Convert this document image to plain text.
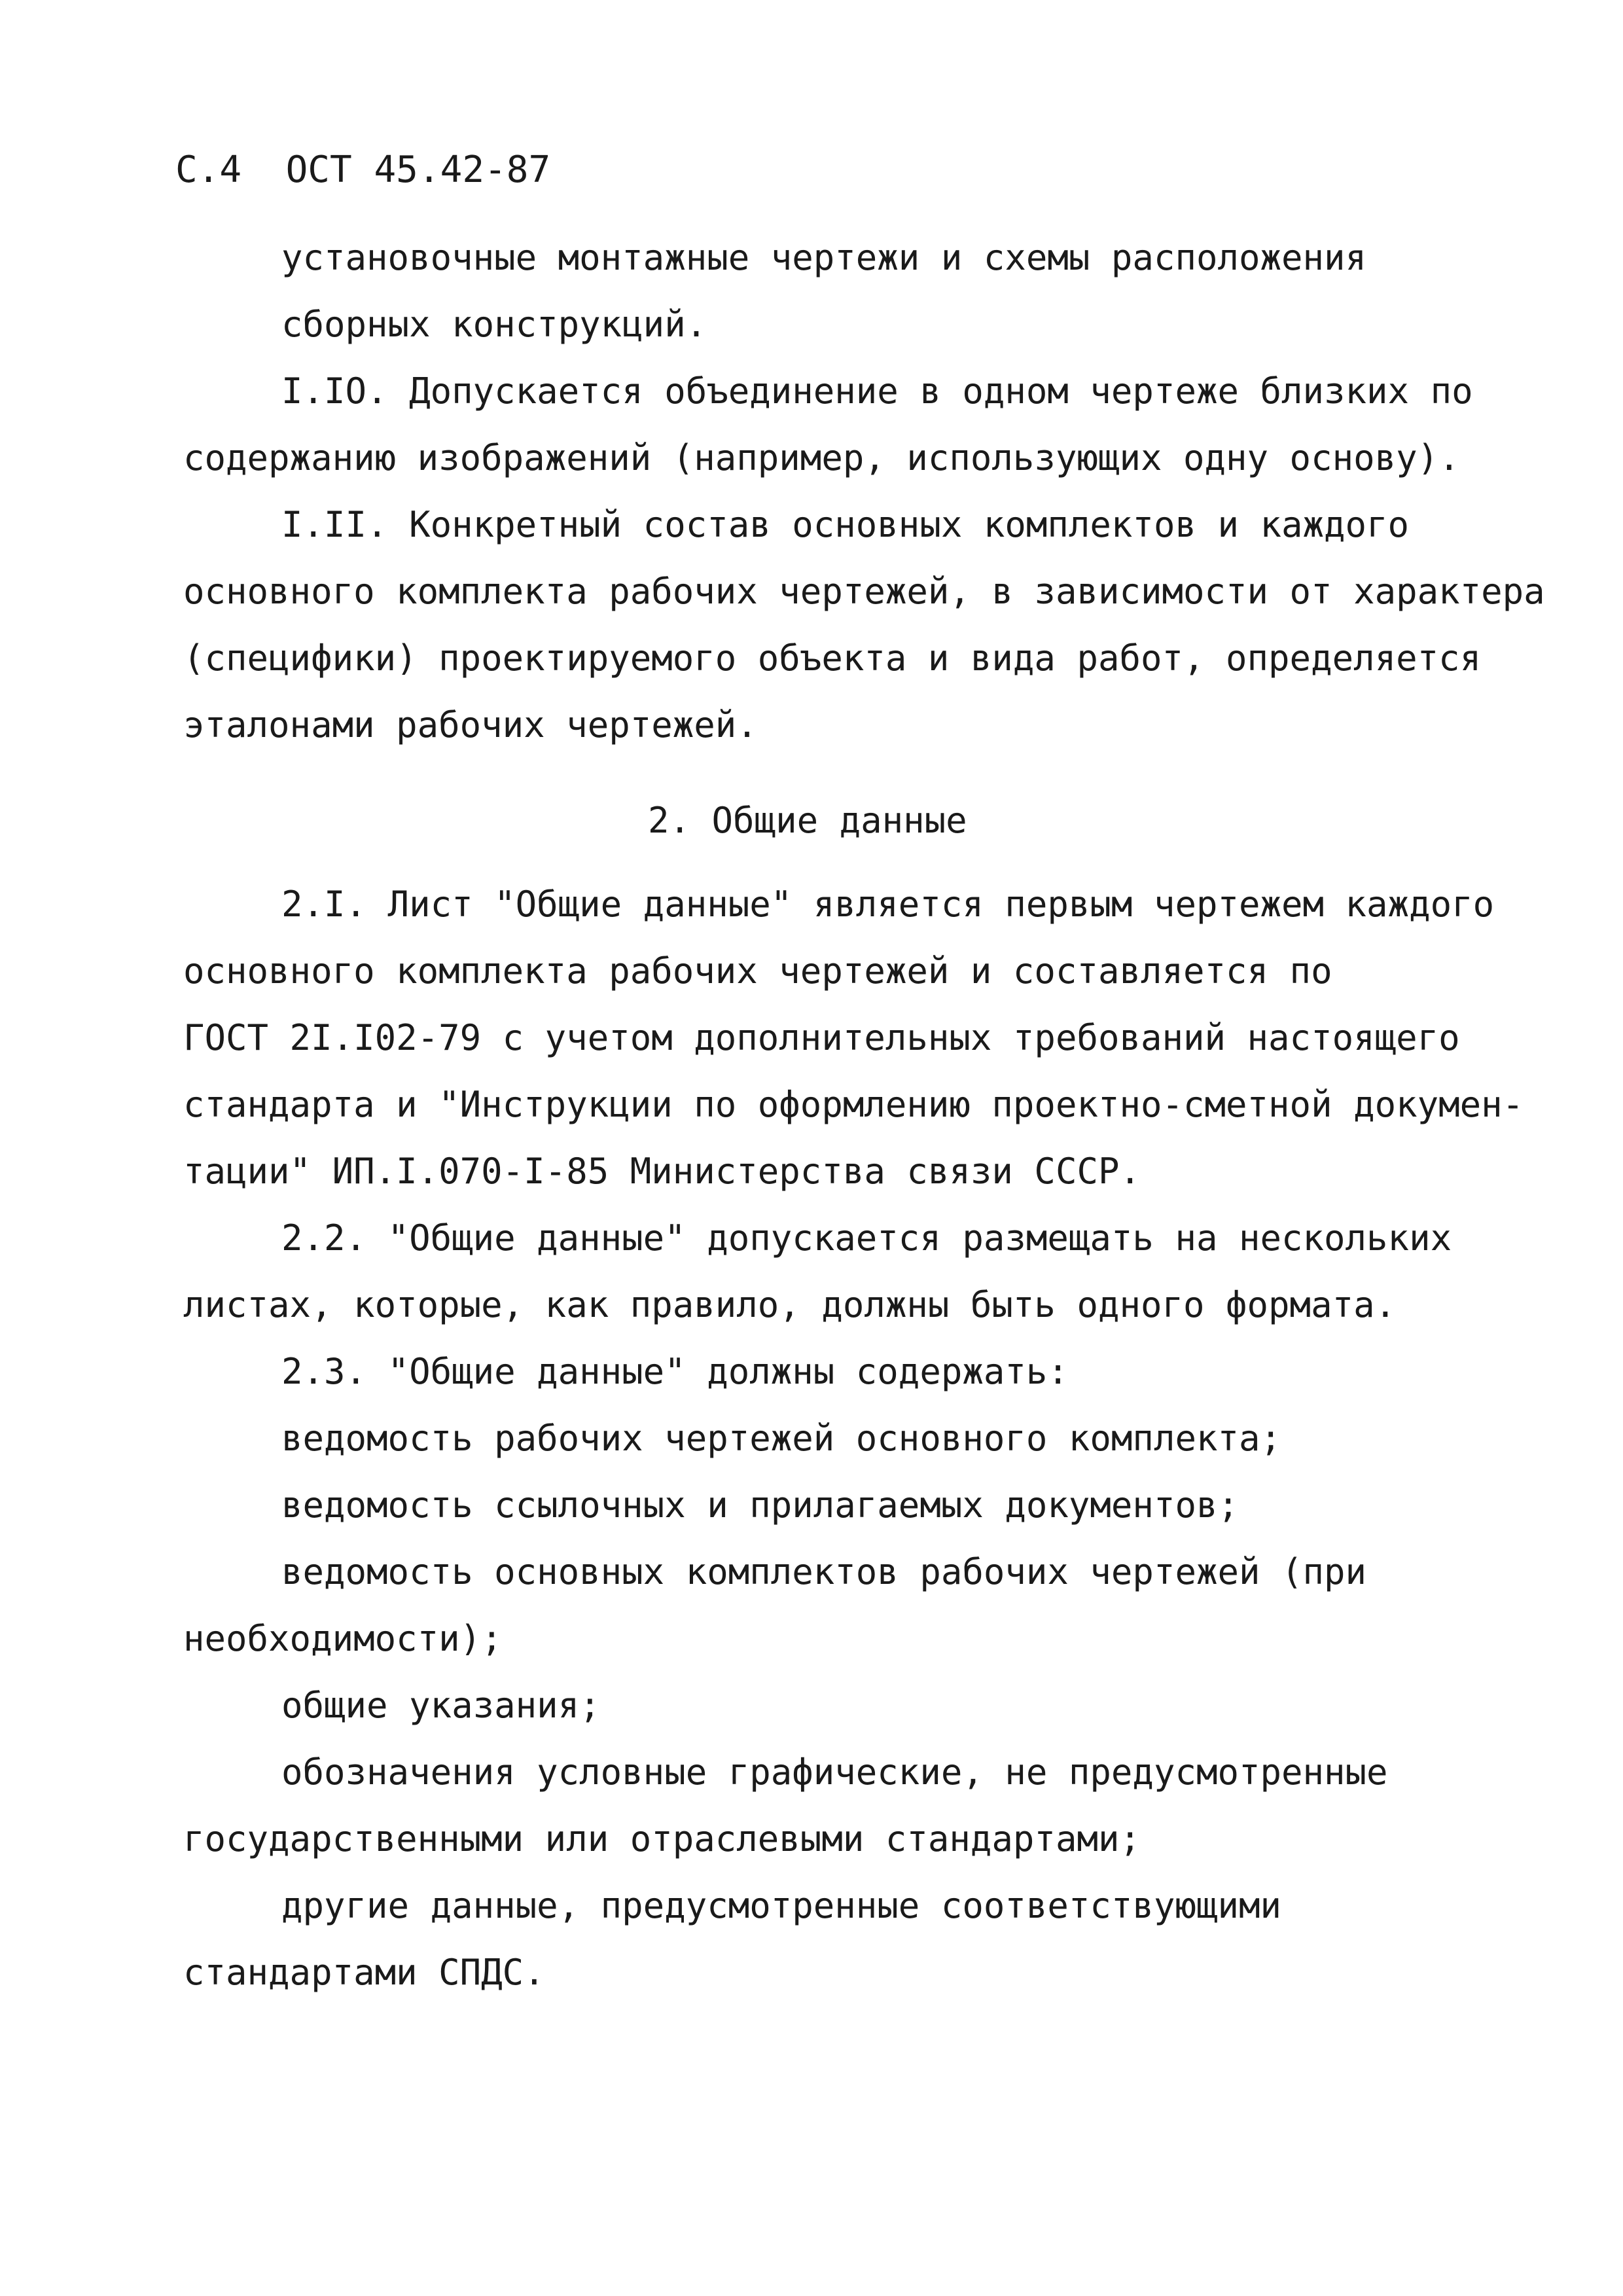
С.4 ОСТ 45.42-87
установочные монтажные чертежи и схемы расположения
сборных конструкций.
I.IO. Допускается объединение в одном чертеже близких по
содержанию изображений (например, использующих одну основу).
I.II. Конкретный состав основных комплектов и каждого
основного комплекта рабочих чертежей, в зависимости от характера
(специфики) проектируемого объекта и вида работ, определяется
эталонами рабочих чертежей.
2. Общие данные
2.I. Лист "Общие данные" является первым чертежем каждого
основного комплекта рабочих чертежей и составляется по
ГОСТ 2I.I02-79 с учетом дополнительных требований настоящего
стандарта и "Инструкции по оформлению проектно-сметной докумен-
тации" ИП.I.070-I-85 Министерства связи СССР.
2.2. "Общие данные" допускается размещать на нескольких
листах, которые, как правило, должны быть одного формата.
2.3. "Общие данные" должны содержать:
ведомость рабочих чертежей основного комплекта;
ведомость ссылочных и прилагаемых документов;
ведомость основных комплектов рабочих чертежей (при
необходимости);
общие указания;
обозначения условные графические, не предусмотренные
государственными или отраслевыми стандартами;
другие данные, предусмотренные соответствующими
стандартами СПДС.
